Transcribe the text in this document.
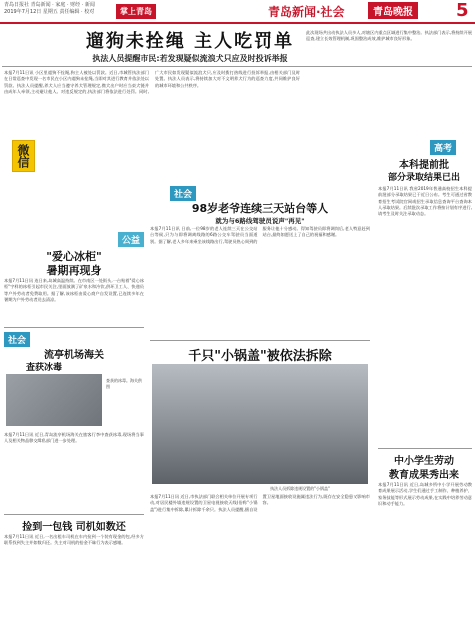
青岛日报社 青岛新闻 · 家庭 · 财经 · 新闻
2019年7月12日 星期五 责任编辑 · 校对	掌上青岛	青岛新闻·社会	青岛晚报 5
遛狗未拴绳 主人吃罚单
执法人员提醒市民:若发现疑似流浪犬只应及时投诉举报
本报7月11日讯 小区里遛狗不拴绳,狗主人被处以罚款。近日,市城管执法部门在日常巡查中发现一名市民在小区内遛狗未拴绳,当即对其进行教育并依法处以罚款。执法人员提醒,养犬人应当遵守养犬管理规定,携犬出户时应当束犬链并由成年人牵领,主动避让他人。对违反规定的,执法部门将依法进行处罚。同时,广大市民如发现疑似流浪犬只,应及时拨打热线进行投诉举报,由相关部门及时处置。执法人员表示,将持续加大对不文明养犬行为的巡查力度,共同维护良好的城市环境和公共秩序。
此次现场共出动执法人员多人,对辖区内重点区域进行集中整治。执法部门表示,将持续开展巡查,建立长效管理机制,巩固整治成效,维护城市良好形象。
微信
公益
"爱心冰柜"
暑期再现身
本报7月11日讯 连日来,岛城高温持续。在市南区一处街头,一台贴着"爱心冰柜"字样的冰柜引起市民关注,里面放满了矿泉水和冷饮,供环卫工人、快递员等户外劳动者免费取用。据了解,该冰柜由爱心商户自发设置,已连续多年在暑期为户外劳动者送去清凉。
社会
流亭机场海关
查获冰毒
查获的冰毒。海关供图
本报7月11日讯 近日,青岛流亭机场海关在旅客行李中查获冰毒,现场将当事人及相关物品移交缉私部门进一步处理。
捡到一包钱 司机如数还
本报7月11日讯 近日,一名出租车司机在车内捡到一个装有现金的包,经多方联系找到失主并如数归还。失主对司机的拾金不昧行为表示感谢。
社会
98岁老爷连续三天站台等人
就为与6路线驾驶员说声"再见"
本报7月11日讯 日前,一位98岁的老人连续三天在公交站台等候,只为与即将调离线路的6路公交车驾驶员当面道别。据了解,老人多年来乘坐该线路出行,驾驶员热心周到的服务让他十分感动。得知驾驶员即将调岗后,老人特意赶到站台,最终如愿送上了自己的祝福和感谢。
千只"小锅盖"被依法拆除
执法人员拆除违规设置的"小锅盖"
本报7月11日讯 近日,市执法部门联合相关单位开展专项行动,对居民楼外墙违规设置的卫星电视接收天线(俗称"小锅盖")进行集中拆除,累计拆除千余只。执法人员提醒,擅自设置卫星地面接收设施属违法行为,既存在安全隐患又影响市容。
高考
本科提前批
部分录取结果已出
本报7月11日讯 我省2019年普通高校招生本科提前批部分录取结果已于近日公布。考生可通过省教育招生考试院官网或招生录取信息查询平台查询本人录取结果。后续批次录取工作将按计划有序进行,请考生及时关注录取动态。
中小学生劳动
教育成果秀出来
本报7月11日讯 近日,岛城多所中小学开展劳动教育成果展示活动,学生们通过手工制作、种植养护、家务技能等形式展示劳动成果,在实践中培养劳动意识和动手能力。
